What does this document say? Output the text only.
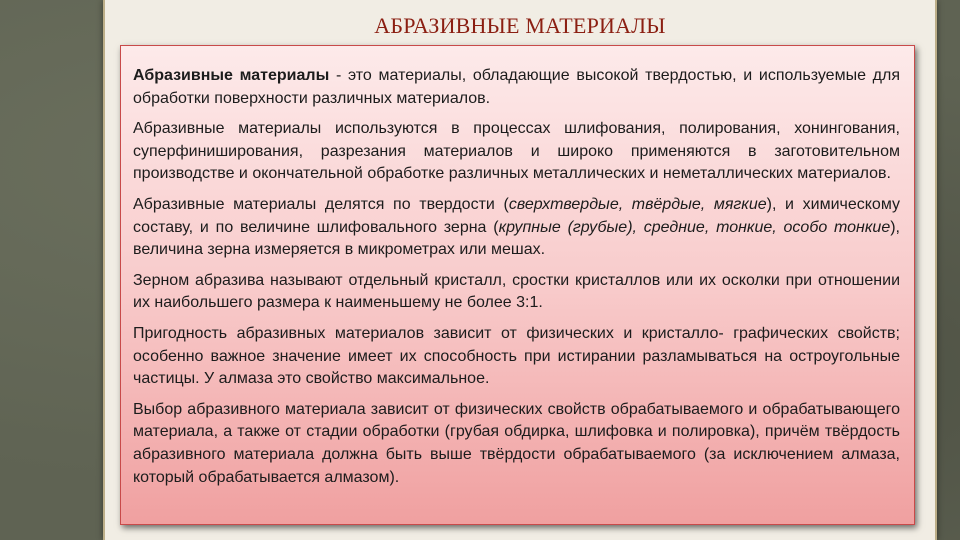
АБРАЗИВНЫЕ МАТЕРИАЛЫ

Абразивные материалы - это материалы, обладающие высокой твердостью, и используемые для обработки поверхности различных материалов.

Абразивные материалы используются в процессах шлифования, полирования, хонингования, суперфиниширования, разрезания материалов и широко применяются в заготовительном производстве и окончательной обработке различных металлических и неметаллических материалов.

Абразивные материалы делятся по твердости (сверхтвердые, твёрдые, мягкие), и химическому составу, и по величине шлифовального зерна (крупные (грубые), средние, тонкие, особо тонкие), величина зерна измеряется в микрометрах или мешах.

Зерном абразива называют отдельный кристалл, сростки кристаллов или их осколки при отношении их наибольшего размера к наименьшему не более 3:1.

Пригодность абразивных материалов зависит от физических и кристалло- графических свойств; особенно важное значение имеет их способность при истирании разламываться на остроугольные частицы. У алмаза это свойство максимальное.

Выбор абразивного материала зависит от физических свойств обрабатываемого и обрабатывающего материала, а также от стадии обработки (грубая обдирка, шлифовка и полировка), причём твёрдость абразивного материала должна быть выше твёрдости обрабатываемого (за исключением алмаза, который обрабатывается алмазом).
